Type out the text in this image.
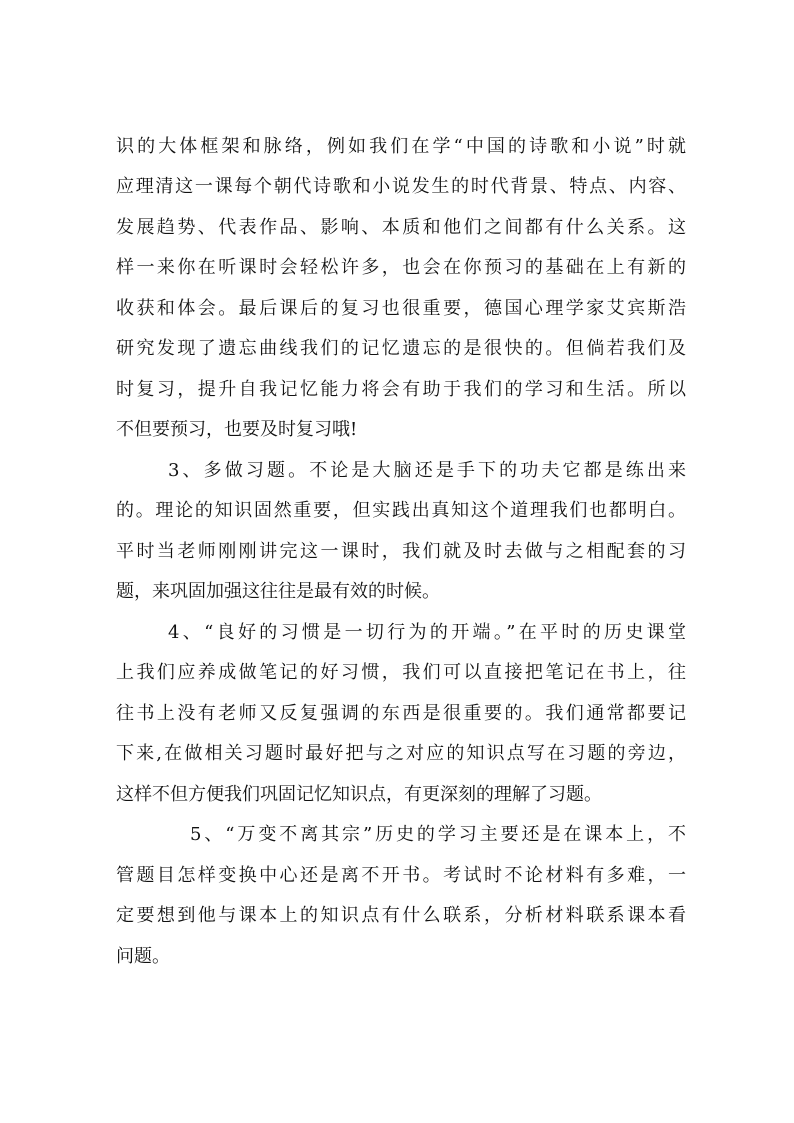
识的大体框架和脉络，例如我们在学“中国的诗歌和小说”时就
应理清这一课每个朝代诗歌和小说发生的时代背景、特点、内容、
发展趋势、代表作品、影响、本质和他们之间都有什么关系。这
样一来你在听课时会轻松许多，也会在你预习的基础在上有新的
收获和体会。最后课后的复习也很重要，德国心理学家艾宾斯浩
研究发现了遗忘曲线我们的记忆遗忘的是很快的。但倘若我们及
时复习，提升自我记忆能力将会有助于我们的学习和生活。所以
不但要预习，也要及时复习哦!
3、多做习题。不论是大脑还是手下的功夫它都是练出来
的。理论的知识固然重要，但实践出真知这个道理我们也都明白。
平时当老师刚刚讲完这一课时，我们就及时去做与之相配套的习
题，来巩固加强这往往是最有效的时候。
4、“良好的习惯是一切行为的开端。”在平时的历史课堂
上我们应养成做笔记的好习惯，我们可以直接把笔记在书上，往
往书上没有老师又反复强调的东西是很重要的。我们通常都要记
下来,在做相关习题时最好把与之对应的知识点写在习题的旁边，
这样不但方便我们巩固记忆知识点，有更深刻的理解了习题。
5、“万变不离其宗”历史的学习主要还是在课本上，不
管题目怎样变换中心还是离不开书。考试时不论材料有多难，一
定要想到他与课本上的知识点有什么联系，分析材料联系课本看
问题。
